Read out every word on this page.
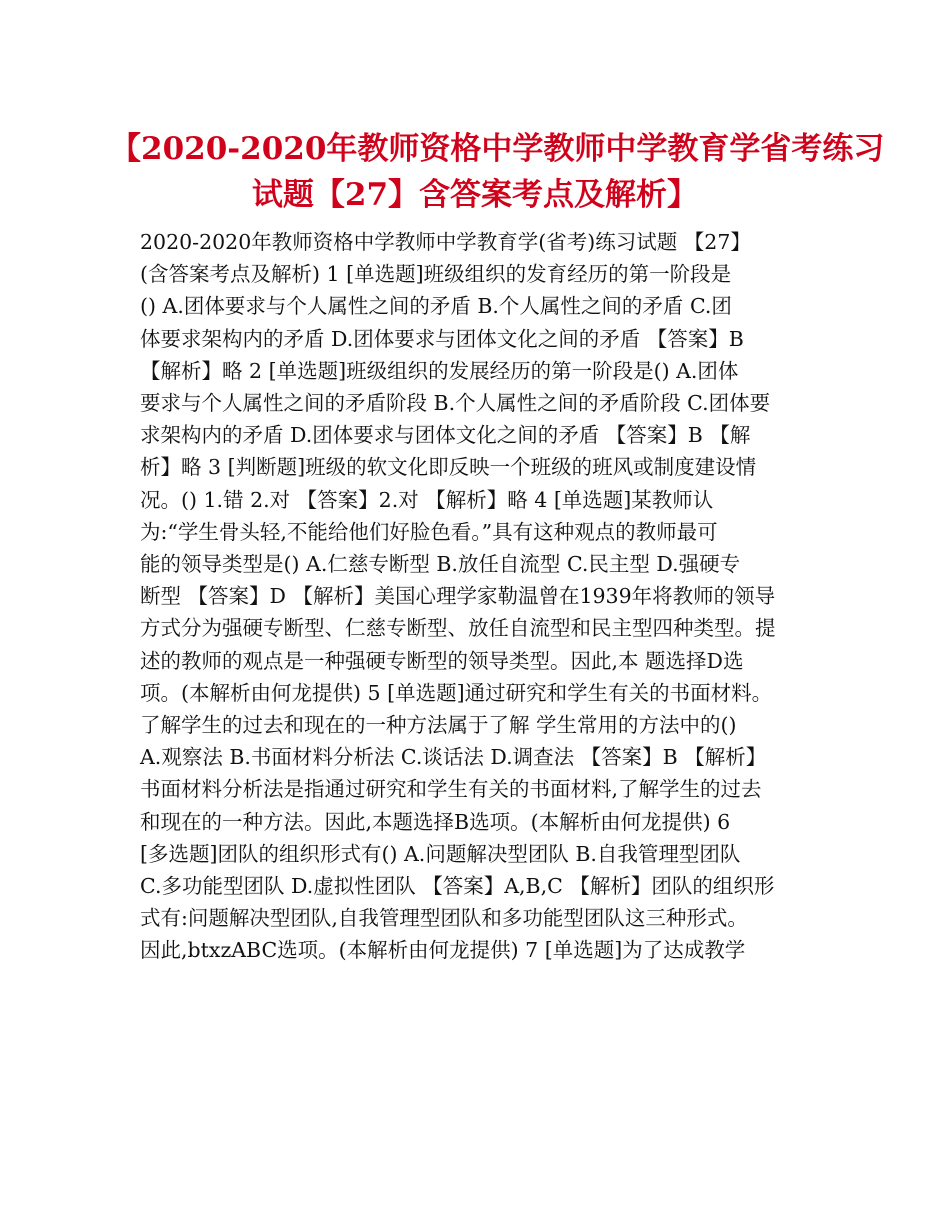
【2020-2020年教师资格中学教师中学教育学省考练习
试题【27】含答案考点及解析】
2020-2020年教师资格中学教师中学教育学(省考)练习试题 【27】
(含答案考点及解析) 1 [单选题]班级组织的发育经历的第一阶段是
() A.团体要求与个人属性之间的矛盾 B.个人属性之间的矛盾 C.团
体要求架构内的矛盾 D.团体要求与团体文化之间的矛盾 【答案】B
【解析】略 2 [单选题]班级组织的发展经历的第一阶段是() A.团体
要求与个人属性之间的矛盾阶段 B.个人属性之间的矛盾阶段 C.团体要
求架构内的矛盾 D.团体要求与团体文化之间的矛盾 【答案】B 【解
析】略 3 [判断题]班级的软文化即反映一个班级的班风或制度建设情
况。() 1.错 2.对 【答案】2.对 【解析】略 4 [单选题]某教师认
为:“学生骨头轻,不能给他们好脸色看。”具有这种观点的教师最可
能的领导类型是() A.仁慈专断型 B.放任自流型 C.民主型 D.强硬专
断型 【答案】D 【解析】美国心理学家勒温曾在1939年将教师的领导
方式分为强硬专断型、仁慈专断型、放任自流型和民主型四种类型。提
述的教师的观点是一种强硬专断型的领导类型。因此,本 题选择D选
项。(本解析由何龙提供) 5 [单选题]通过研究和学生有关的书面材料。
了解学生的过去和现在的一种方法属于了解 学生常用的方法中的()
A.观察法 B.书面材料分析法 C.谈话法 D.调查法 【答案】B 【解析】
书面材料分析法是指通过研究和学生有关的书面材料,了解学生的过去
和现在的一种方法。因此,本题选择B选项。(本解析由何龙提供) 6
[多选题]团队的组织形式有() A.问题解决型团队 B.自我管理型团队
C.多功能型团队 D.虚拟性团队 【答案】A,B,C 【解析】团队的组织形
式有:问题解决型团队,自我管理型团队和多功能型团队这三种形式。
因此,btxzABC选项。(本解析由何龙提供) 7 [单选题]为了达成教学
